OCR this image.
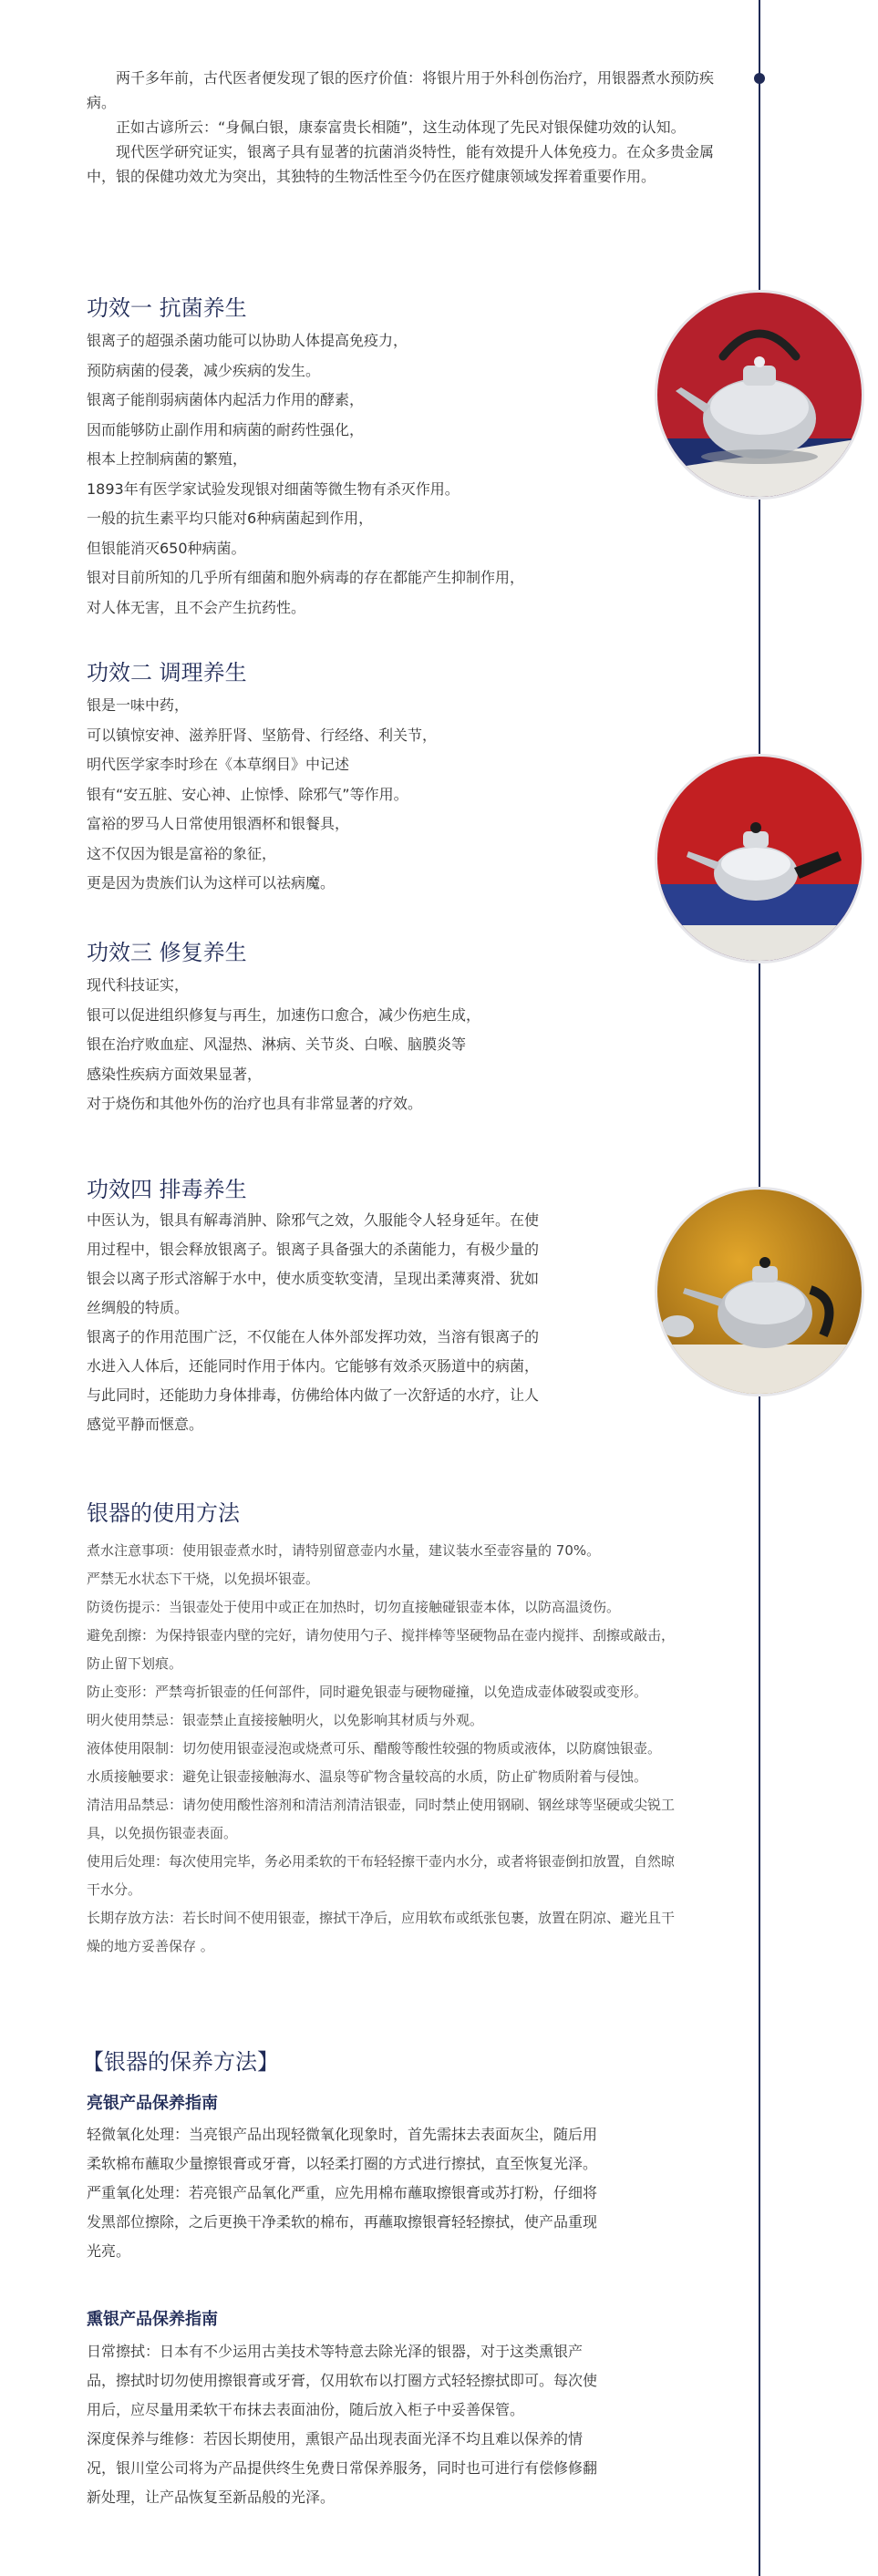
两千多年前，古代医者便发现了银的医疗价值：将银片用于外科创伤治疗，用银器煮水预防疾病。

正如古谚所云：“身佩白银，康泰富贵长相随”，这生动体现了先民对银保健功效的认知。

现代医学研究证实，银离子具有显著的抗菌消炎特性，能有效提升人体免疫力。在众多贵金属中，银的保健功效尤为突出，其独特的生物活性至今仍在医疗健康领域发挥着重要作用。

功效一 抗菌养生

银离子的超强杀菌功能可以协助人体提高免疫力，

预防病菌的侵袭，减少疾病的发生。

银离子能削弱病菌体内起活力作用的酵素，

因而能够防止副作用和病菌的耐药性强化，

根本上控制病菌的繁殖，

1893年有医学家试验发现银对细菌等微生物有杀灭作用。

一般的抗生素平均只能对6种病菌起到作用，

但银能消灭650种病菌。

银对目前所知的几乎所有细菌和胞外病毒的存在都能产生抑制作用，

对人体无害，且不会产生抗药性。

功效二 调理养生

银是一味中药，

可以镇惊安神、滋养肝肾、坚筋骨、行经络、利关节，

明代医学家李时珍在《本草纲目》中记述

银有“安五脏、安心神、止惊悸、除邪气”等作用。

富裕的罗马人日常使用银酒杯和银餐具，

这不仅因为银是富裕的象征，

更是因为贵族们认为这样可以祛病魔。

功效三 修复养生

现代科技证实，

银可以促进组织修复与再生，加速伤口愈合，减少伤疤生成，

银在治疗败血症、风湿热、淋病、关节炎、白喉、脑膜炎等

感染性疾病方面效果显著，

对于烧伤和其他外伤的治疗也具有非常显著的疗效。

功效四 排毒养生

中医认为，银具有解毒消肿、除邪气之效，久服能令人轻身延年。在使

用过程中，银会释放银离子。银离子具备强大的杀菌能力，有极少量的

银会以离子形式溶解于水中，使水质变软变清，呈现出柔薄爽滑、犹如

丝绸般的特质。

银离子的作用范围广泛，不仅能在人体外部发挥功效，当溶有银离子的

水进入人体后，还能同时作用于体内。它能够有效杀灭肠道中的病菌，

与此同时，还能助力身体排毒，仿佛给体内做了一次舒适的水疗，让人

感觉平静而惬意。

银器的使用方法

煮水注意事项：使用银壶煮水时，请特别留意壶内水量，建议装水至壶容量的 70%。

严禁无水状态下干烧，以免损坏银壶。

防烫伤提示：当银壶处于使用中或正在加热时，切勿直接触碰银壶本体，以防高温烫伤。

避免刮擦：为保持银壶内壁的完好，请勿使用勺子、搅拌棒等坚硬物品在壶内搅拌、刮擦或敲击，

防止留下划痕。

防止变形：严禁弯折银壶的任何部件，同时避免银壶与硬物碰撞，以免造成壶体破裂或变形。

明火使用禁忌：银壶禁止直接接触明火，以免影响其材质与外观。

液体使用限制：切勿使用银壶浸泡或烧煮可乐、醋酸等酸性较强的物质或液体，以防腐蚀银壶。

水质接触要求：避免让银壶接触海水、温泉等矿物含量较高的水质，防止矿物质附着与侵蚀。

清洁用品禁忌：请勿使用酸性溶剂和清洁剂清洁银壶，同时禁止使用钢刷、钢丝球等坚硬或尖锐工

具，以免损伤银壶表面。

使用后处理：每次使用完毕，务必用柔软的干布轻轻擦干壶内水分，或者将银壶倒扣放置，自然晾

干水分。

长期存放方法：若长时间不使用银壶，擦拭干净后，应用软布或纸张包裹，放置在阴凉、避光且干

燥的地方妥善保存 。

【银器的保养方法】
亮银产品保养指南

轻微氧化处理：当亮银产品出现轻微氧化现象时，首先需抹去表面灰尘，随后用

柔软棉布蘸取少量擦银膏或牙膏，以轻柔打圈的方式进行擦拭，直至恢复光泽。

严重氧化处理：若亮银产品氧化严重，应先用棉布蘸取擦银膏或苏打粉，仔细将

发黑部位擦除，之后更换干净柔软的棉布，再蘸取擦银膏轻轻擦拭，使产品重现

光亮。

熏银产品保养指南

日常擦拭：日本有不少运用古美技术等特意去除光泽的银器，对于这类熏银产

品，擦拭时切勿使用擦银膏或牙膏，仅用软布以打圈方式轻轻擦拭即可。每次使

用后，应尽量用柔软干布抹去表面油份，随后放入柜子中妥善保管。

深度保养与维修：若因长期使用，熏银产品出现表面光泽不均且难以保养的情

况，银川堂公司将为产品提供终生免费日常保养服务，同时也可进行有偿修修翻

新处理，让产品恢复至新品般的光泽。
